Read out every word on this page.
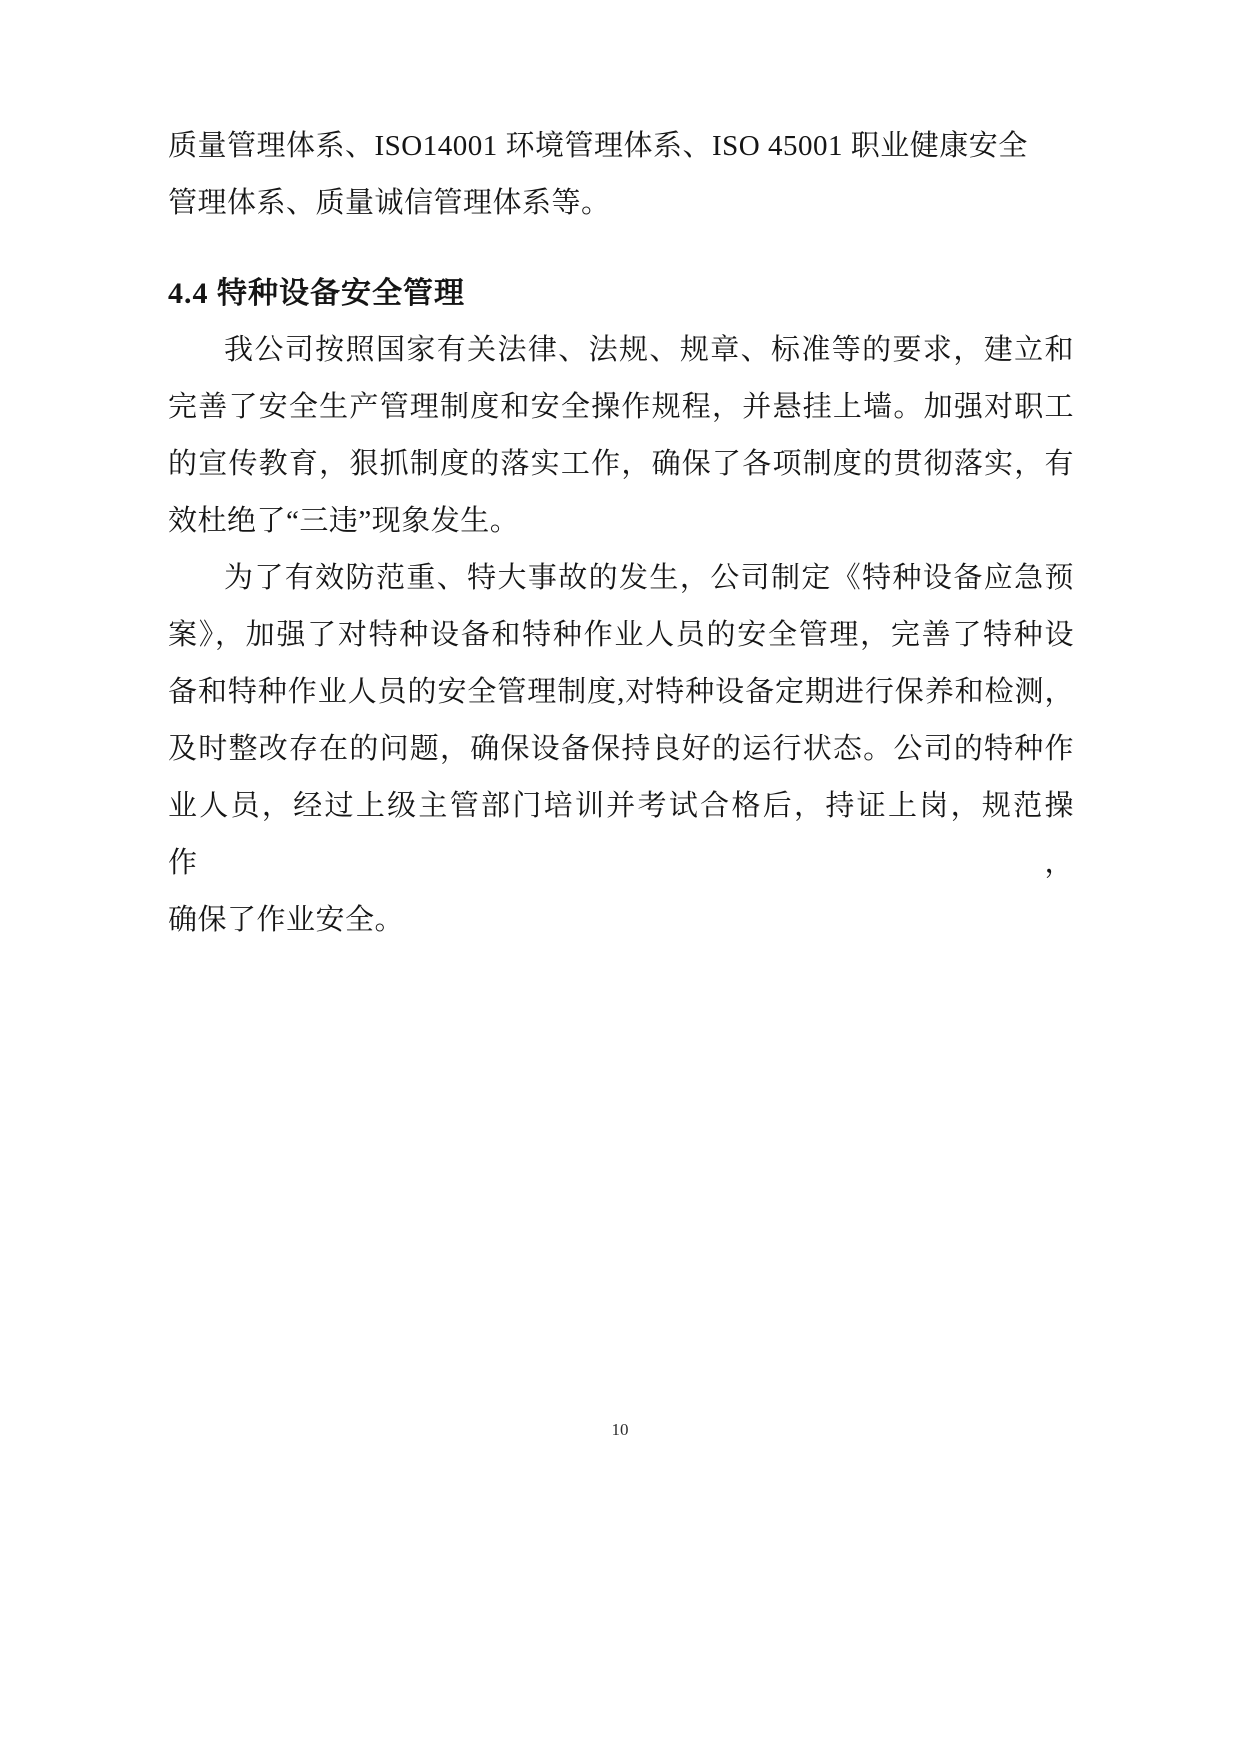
质量管理体系、ISO14001 环境管理体系、ISO 45001 职业健康安全
管理体系、质量诚信管理体系等。
4.4 特种设备安全管理
我公司按照国家有关法律、法规、规章、标准等的要求，建立和
完善了安全生产管理制度和安全操作规程，并悬挂上墙。加强对职工
的宣传教育，狠抓制度的落实工作，确保了各项制度的贯彻落实，有
效杜绝了“三违”现象发生。
为了有效防范重、特大事故的发生，公司制定《特种设备应急预
案》，加强了对特种设备和特种作业人员的安全管理，完善了特种设
备和特种作业人员的安全管理制度,对特种设备定期进行保养和检测，
及时整改存在的问题，确保设备保持良好的运行状态。公司的特种作
业人员，经过上级主管部门培训并考试合格后，持证上岗，规范操作，
确保了作业安全。
10
